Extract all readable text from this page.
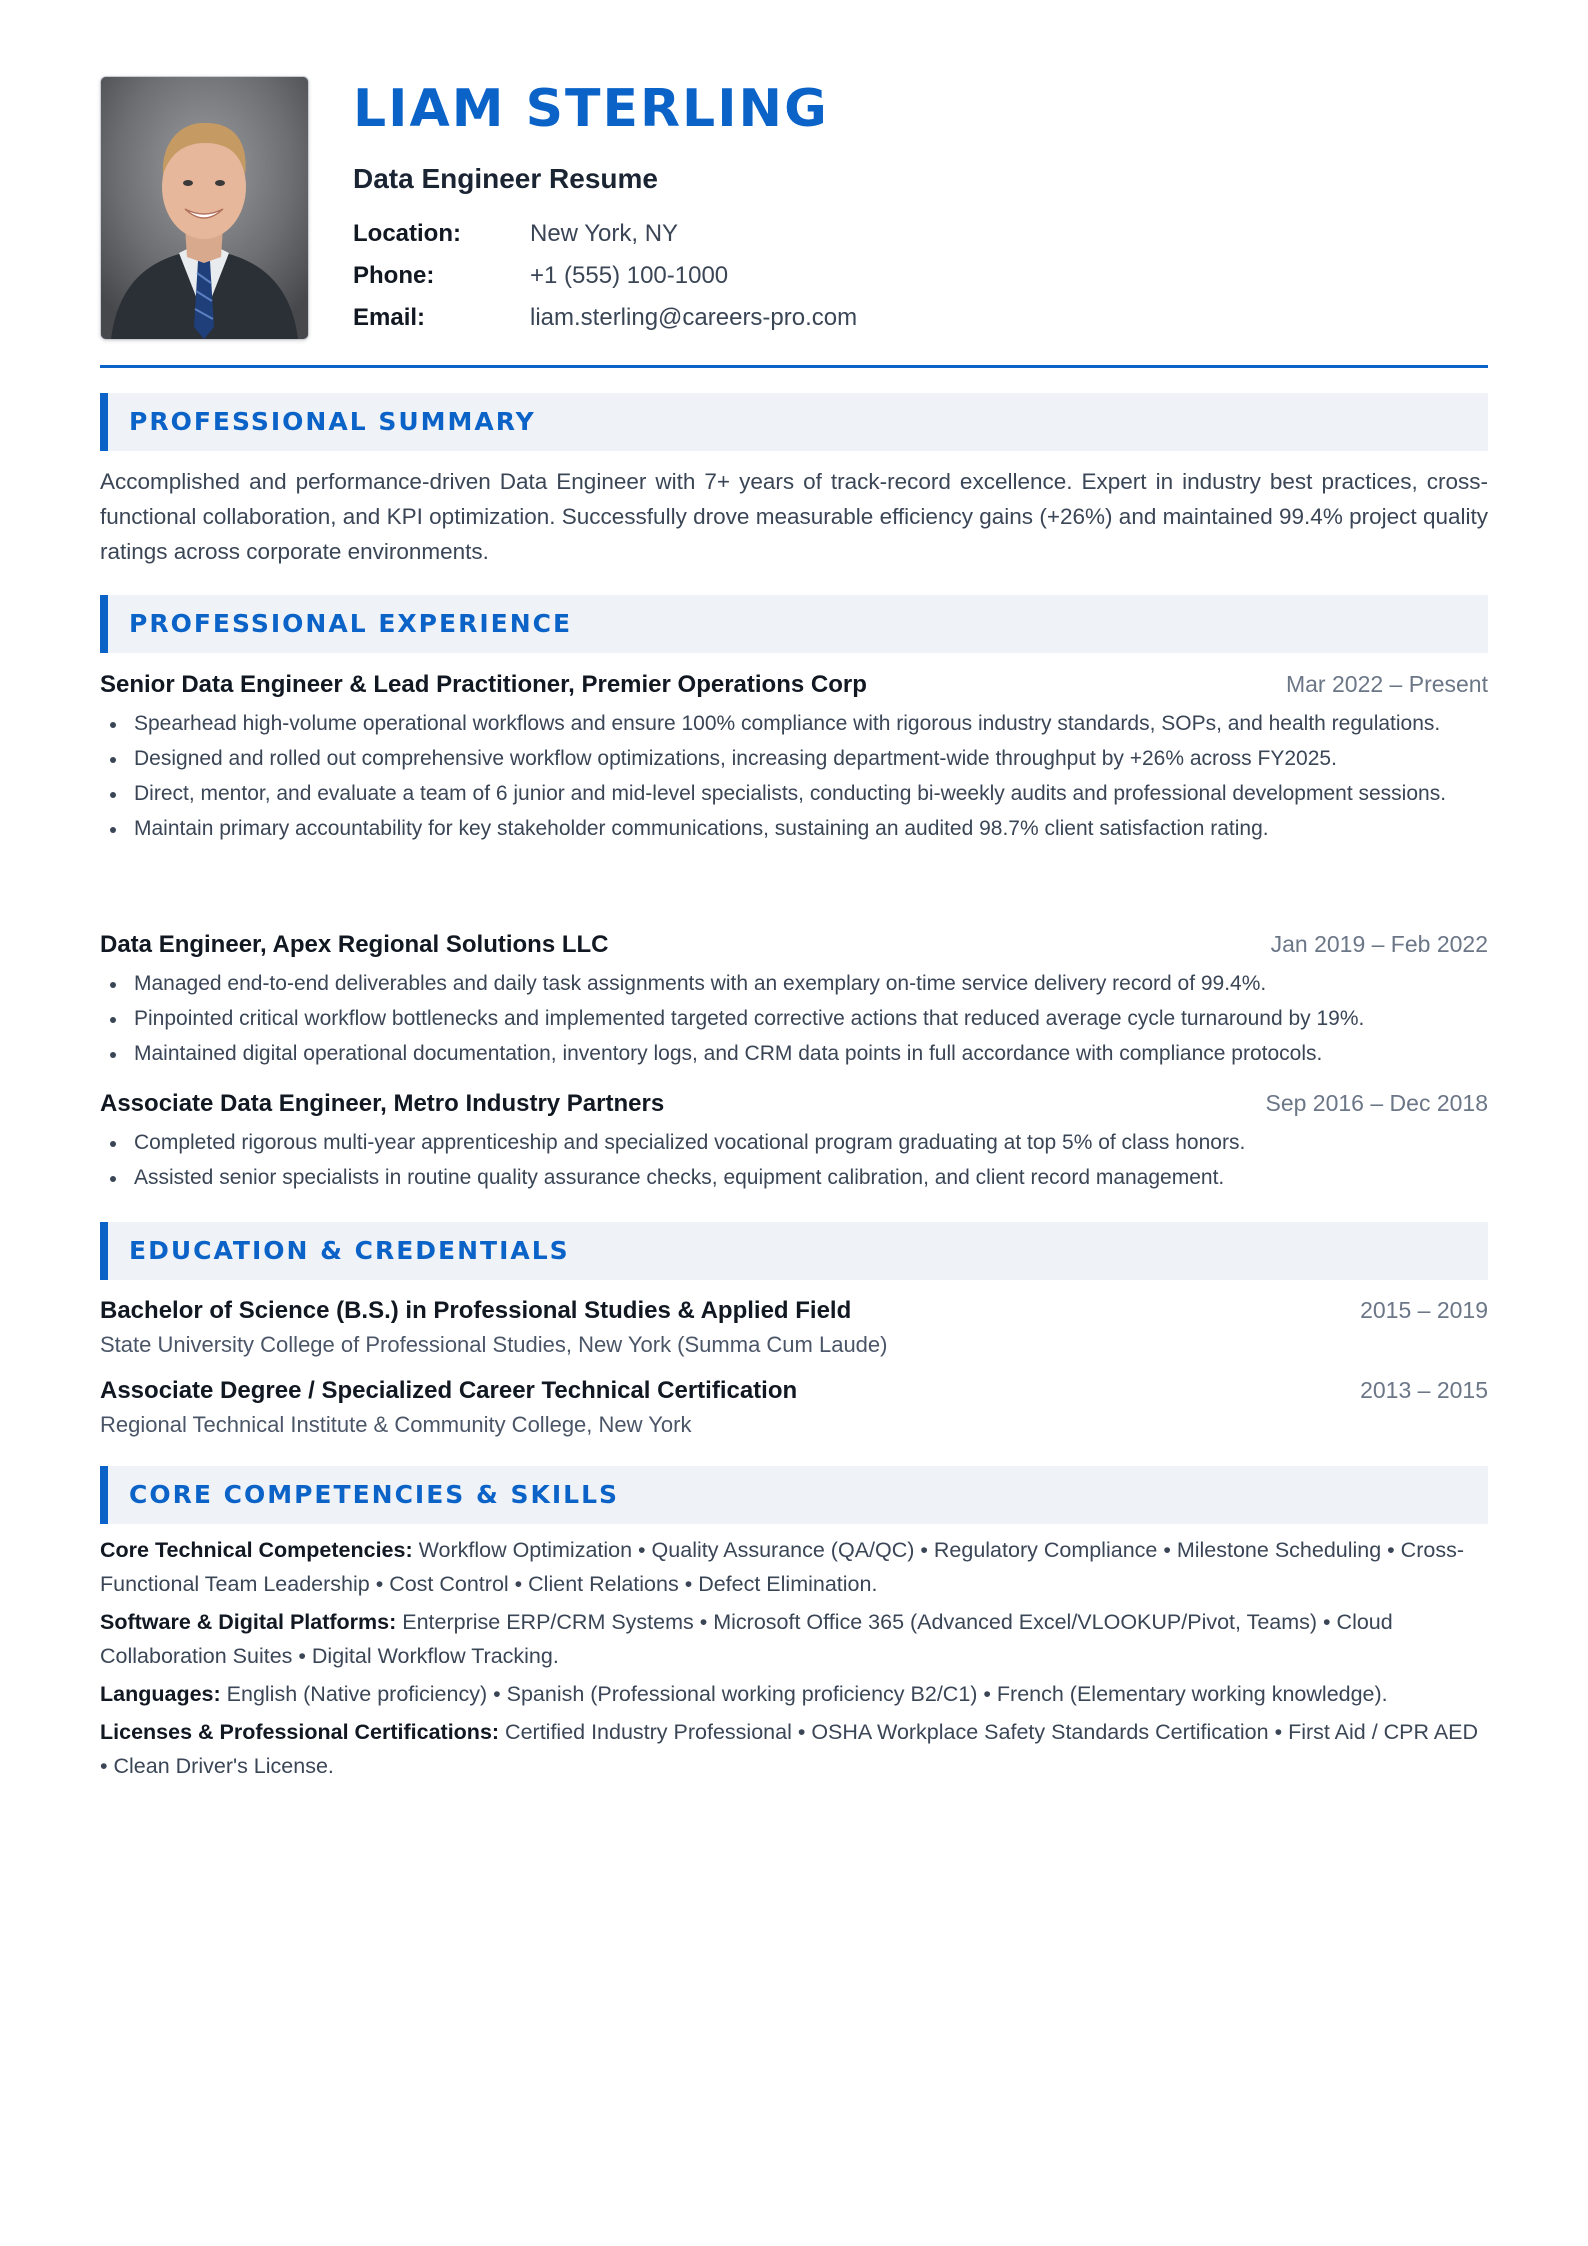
LIAM STERLING
Data Engineer Resume
Location:	New York, NY
Phone:	+1 (555) 100-1000
Email:	liam.sterling@careers-pro.com
PROFESSIONAL SUMMARY
Accomplished and performance-driven Data Engineer with 7+ years of track-record excellence. Expert in industry best practices, cross-functional collaboration, and KPI optimization. Successfully drove measurable efficiency gains (+26%) and maintained 99.4% project quality ratings across corporate environments.
PROFESSIONAL EXPERIENCE
Senior Data Engineer & Lead Practitioner, Premier Operations Corp	Mar 2022 – Present
Spearhead high-volume operational workflows and ensure 100% compliance with rigorous industry standards, SOPs, and health regulations.
Designed and rolled out comprehensive workflow optimizations, increasing department-wide throughput by +26% across FY2025.
Direct, mentor, and evaluate a team of 6 junior and mid-level specialists, conducting bi-weekly audits and professional development sessions.
Maintain primary accountability for key stakeholder communications, sustaining an audited 98.7% client satisfaction rating.
Data Engineer, Apex Regional Solutions LLC	Jan 2019 – Feb 2022
Managed end-to-end deliverables and daily task assignments with an exemplary on-time service delivery record of 99.4%.
Pinpointed critical workflow bottlenecks and implemented targeted corrective actions that reduced average cycle turnaround by 19%.
Maintained digital operational documentation, inventory logs, and CRM data points in full accordance with compliance protocols.
Associate Data Engineer, Metro Industry Partners	Sep 2016 – Dec 2018
Completed rigorous multi-year apprenticeship and specialized vocational program graduating at top 5% of class honors.
Assisted senior specialists in routine quality assurance checks, equipment calibration, and client record management.
EDUCATION & CREDENTIALS
Bachelor of Science (B.S.) in Professional Studies & Applied Field	2015 – 2019
State University College of Professional Studies, New York (Summa Cum Laude)
Associate Degree / Specialized Career Technical Certification	2013 – 2015
Regional Technical Institute & Community College, New York
CORE COMPETENCIES & SKILLS
Core Technical Competencies: Workflow Optimization • Quality Assurance (QA/QC) • Regulatory Compliance • Milestone Scheduling • Cross-Functional Team Leadership • Cost Control • Client Relations • Defect Elimination.
Software & Digital Platforms: Enterprise ERP/CRM Systems • Microsoft Office 365 (Advanced Excel/VLOOKUP/Pivot, Teams) • Cloud Collaboration Suites • Digital Workflow Tracking.
Languages: English (Native proficiency) • Spanish (Professional working proficiency B2/C1) • French (Elementary working knowledge).
Licenses & Professional Certifications: Certified Industry Professional • OSHA Workplace Safety Standards Certification • First Aid / CPR AED • Clean Driver's License.
